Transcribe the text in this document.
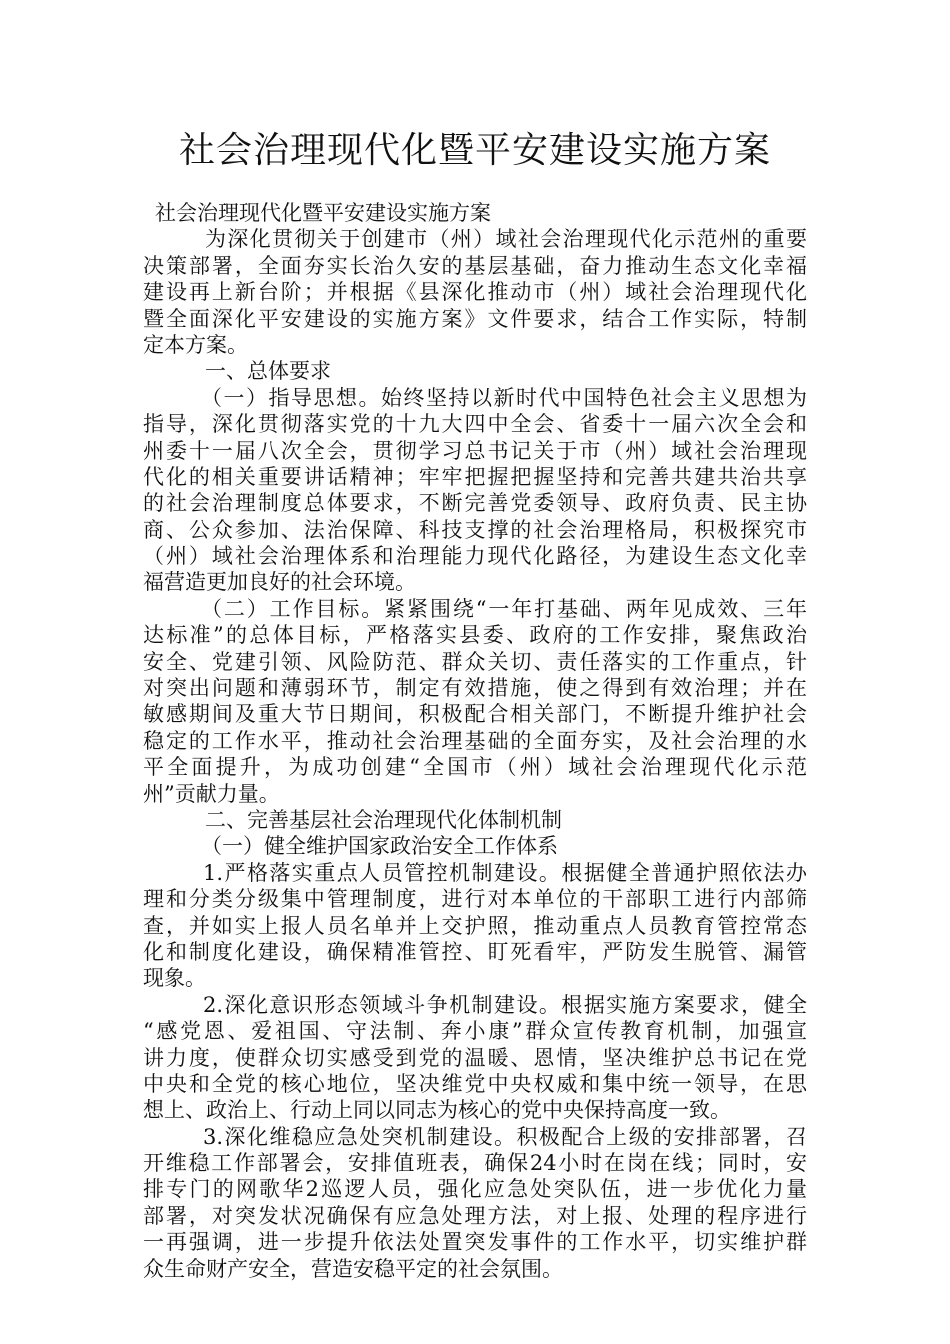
社会治理现代化暨平安建设实施方案

社会治理现代化暨平安建设实施方案

为深化贯彻关于创建市（州）域社会治理现代化示范州的重要

决策部署，全面夯实长治久安的基层基础，奋力推动生态文化幸福

建设再上新台阶；并根据《县深化推动市（州）域社会治理现代化

暨全面深化平安建设的实施方案》文件要求，结合工作实际，特制

定本方案。

一、总体要求

（一）指导思想。始终坚持以新时代中国特色社会主义思想为

指导，深化贯彻落实党的十九大四中全会、省委十一届六次全会和

州委十一届八次全会，贯彻学习总书记关于市（州）域社会治理现

代化的相关重要讲话精神；牢牢把握把握坚持和完善共建共治共享

的社会治理制度总体要求，不断完善党委领导、政府负责、民主协

商、公众参加、法治保障、科技支撑的社会治理格局，积极探究市

（州）域社会治理体系和治理能力现代化路径，为建设生态文化幸

福营造更加良好的社会环境。

（二）工作目标。紧紧围绕“一年打基础、两年见成效、三年

达标准”的总体目标，严格落实县委、政府的工作安排，聚焦政治

安全、党建引领、风险防范、群众关切、责任落实的工作重点，针

对突出问题和薄弱环节，制定有效措施，使之得到有效治理；并在

敏感期间及重大节日期间，积极配合相关部门，不断提升维护社会

稳定的工作水平，推动社会治理基础的全面夯实，及社会治理的水

平全面提升，为成功创建“全国市（州）域社会治理现代化示范

州”贡献力量。

二、完善基层社会治理现代化体制机制

（一）健全维护国家政治安全工作体系

1.严格落实重点人员管控机制建设。根据健全普通护照依法办

理和分类分级集中管理制度，进行对本单位的干部职工进行内部筛

查，并如实上报人员名单并上交护照，推动重点人员教育管控常态

化和制度化建设，确保精准管控、盯死看牢，严防发生脱管、漏管

现象。

2.深化意识形态领域斗争机制建设。根据实施方案要求，健全

“感党恩、爱祖国、守法制、奔小康”群众宣传教育机制，加强宣

讲力度，使群众切实感受到党的温暖、恩情，坚决维护总书记在党

中央和全党的核心地位，坚决维党中央权威和集中统一领导，在思

想上、政治上、行动上同以同志为核心的党中央保持高度一致。

3.深化维稳应急处突机制建设。积极配合上级的安排部署，召

开维稳工作部署会，安排值班表，确保24小时在岗在线；同时，安

排专门的网歌华2巡逻人员，强化应急处突队伍，进一步优化力量

部署，对突发状况确保有应急处理方法，对上报、处理的程序进行

一再强调，进一步提升依法处置突发事件的工作水平，切实维护群

众生命财产安全，营造安稳平定的社会氛围。
